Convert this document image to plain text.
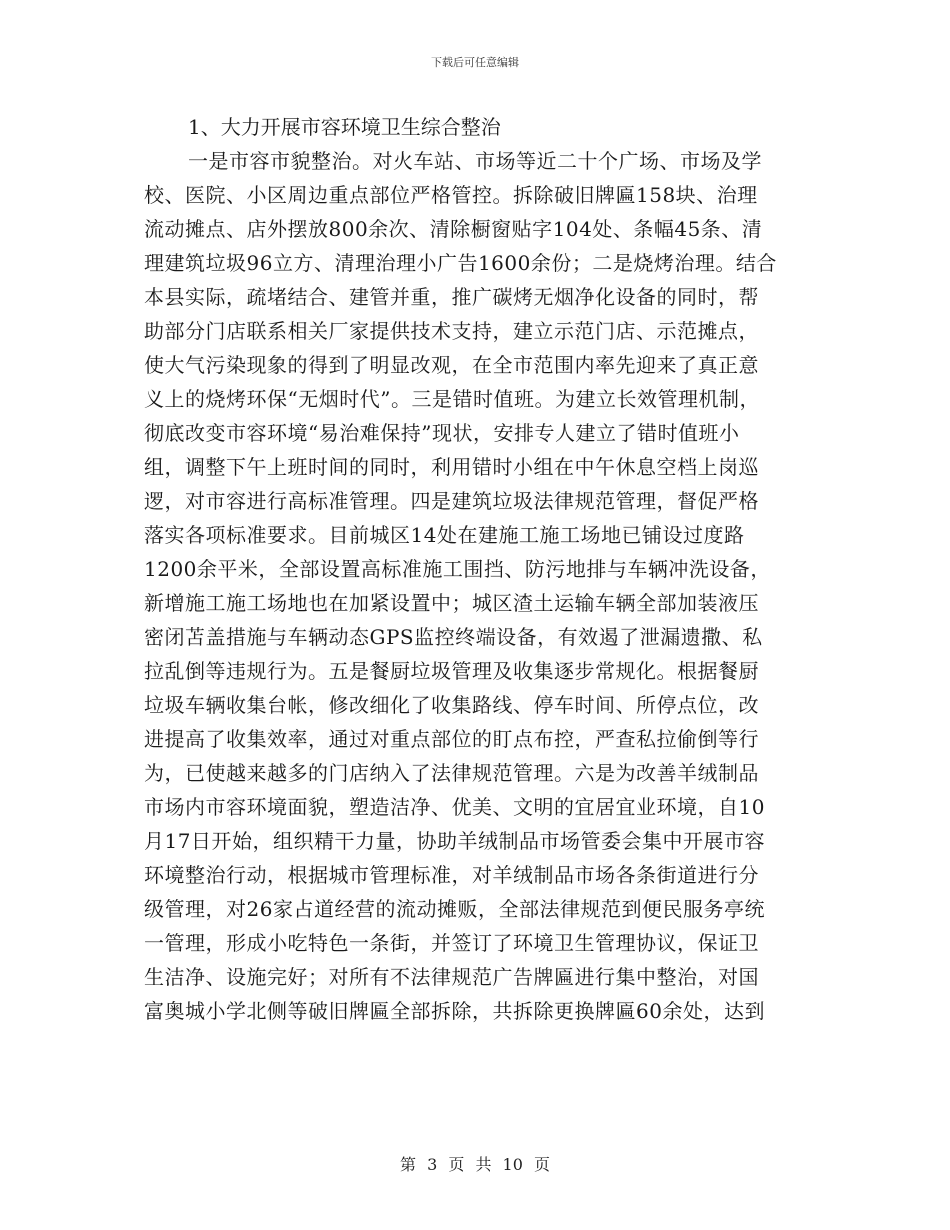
下载后可任意编辑

1、大力开展市容环境卫生综合整治

一是市容市貌整治。对火车站、市场等近二十个广场、市场及学

校、医院、小区周边重点部位严格管控。拆除破旧牌匾158块、治理

流动摊点、店外摆放800余次、清除橱窗贴字104处、条幅45条、清

理建筑垃圾96立方、清理治理小广告1600余份；二是烧烤治理。结合

本县实际，疏堵结合、建管并重，推广碳烤无烟净化设备的同时，帮

助部分门店联系相关厂家提供技术支持，建立示范门店、示范摊点，

使大气污染现象的得到了明显改观，在全市范围内率先迎来了真正意

义上的烧烤环保“无烟时代”。三是错时值班。为建立长效管理机制，

彻底改变市容环境“易治难保持”现状，安排专人建立了错时值班小

组，调整下午上班时间的同时，利用错时小组在中午休息空档上岗巡

逻，对市容进行高标准管理。四是建筑垃圾法律规范管理，督促严格

落实各项标准要求。目前城区14处在建施工施工场地已铺设过度路

1200余平米，全部设置高标准施工围挡、防污地排与车辆冲洗设备，

新增施工施工场地也在加紧设置中；城区渣土运输车辆全部加装液压

密闭苫盖措施与车辆动态GPS监控终端设备，有效遏了泄漏遗撒、私

拉乱倒等违规行为。五是餐厨垃圾管理及收集逐步常规化。根据餐厨

垃圾车辆收集台帐，修改细化了收集路线、停车时间、所停点位，改

进提高了收集效率，通过对重点部位的盯点布控，严查私拉偷倒等行

为，已使越来越多的门店纳入了法律规范管理。六是为改善羊绒制品

市场内市容环境面貌，塑造洁净、优美、文明的宜居宜业环境，自10

月17日开始，组织精干力量，协助羊绒制品市场管委会集中开展市容

环境整治行动，根据城市管理标准，对羊绒制品市场各条街道进行分

级管理，对26家占道经营的流动摊贩，全部法律规范到便民服务亭统

一管理，形成小吃特色一条街，并签订了环境卫生管理协议，保证卫

生洁净、设施完好；对所有不法律规范广告牌匾进行集中整治，对国

富奥城小学北侧等破旧牌匾全部拆除，共拆除更换牌匾60余处，达到

第 3 页 共 10 页
